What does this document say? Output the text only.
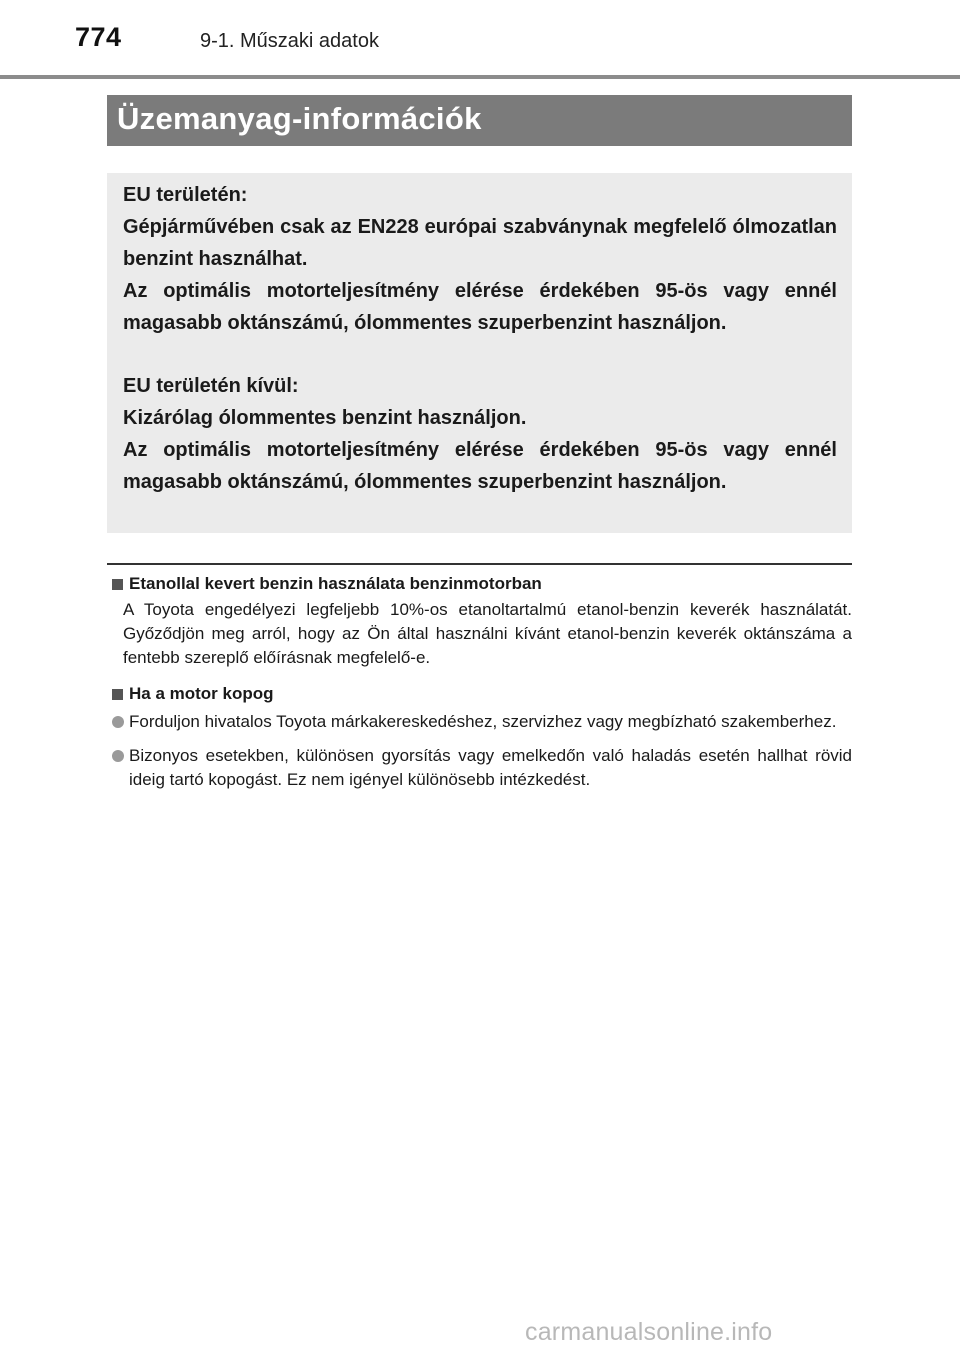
774	9-1. Műszaki adatok
Üzemanyag-információk

EU területén:

Gépjárművében csak az EN228 európai szabványnak megfelelő ólmozatlan benzint használhat.

Az optimális motorteljesítmény elérése érdekében 95-ös vagy ennél magasabb oktánszámú, ólommentes szuperbenzint használjon.

EU területén kívül:

Kizárólag ólommentes benzint használjon.

Az optimális motorteljesítmény elérése érdekében 95-ös vagy ennél magasabb oktánszámú, ólommentes szuperbenzint használjon.

Etanollal kevert benzin használata benzinmotorban
A Toyota engedélyezi legfeljebb 10%-os etanoltartalmú etanol-benzin keverék használatát. Győződjön meg arról, hogy az Ön által használni kívánt etanol-benzin keverék oktánszáma a fentebb szereplő előírásnak megfelelő-e.
Ha a motor kopog
Forduljon hivatalos Toyota márkakereskedéshez, szervizhez vagy megbízható szakemberhez.
Bizonyos esetekben, különösen gyorsítás vagy emelkedőn való haladás esetén hallhat rövid ideig tartó kopogást. Ez nem igényel különösebb intézkedést.
carmanualsonline.info
